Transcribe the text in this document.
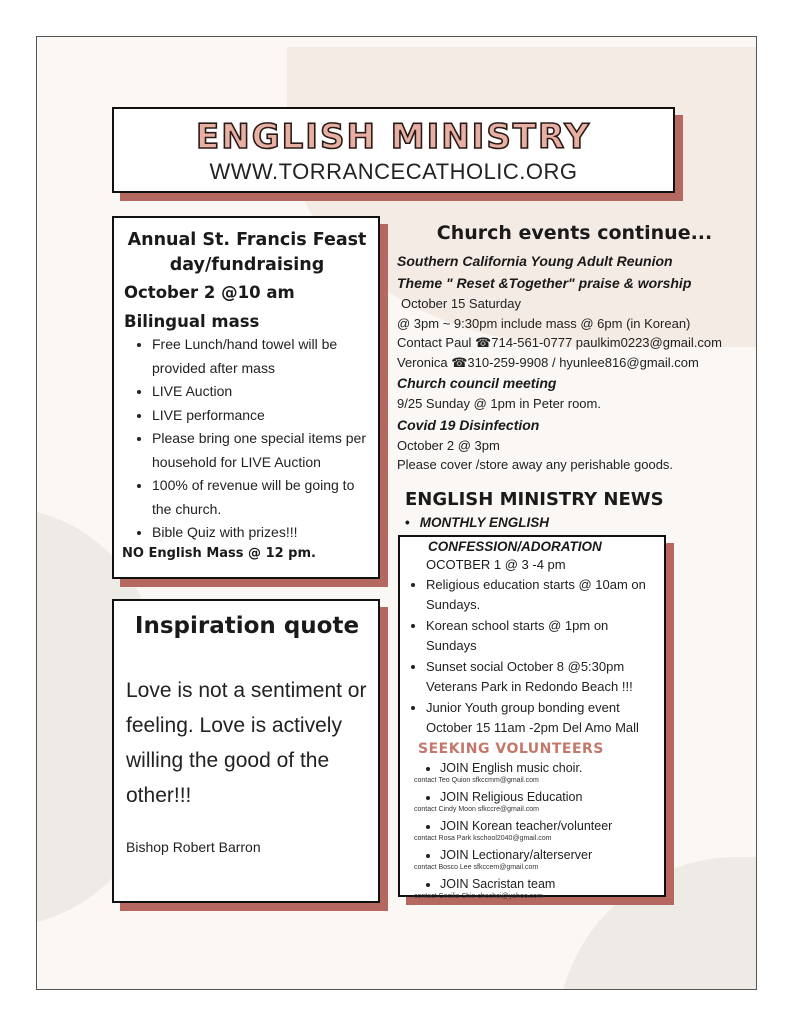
ENGLISH MINISTRY
WWW.TORRANCECATHOLIC.ORG

Annual St. Francis Feast day/fundraising

October 2 @10 am

Bilingual mass

• Free Lunch/hand towel will be provided after mass
• LIVE Auction
• LIVE performance
• Please bring one special items per household for LIVE Auction
• 100% of revenue will be going to the church.
• Bible Quiz with prizes!!!

NO English Mass @ 12 pm.

Inspiration quote

Love is not a sentiment or feeling. Love is actively willing the good of the other!!!

Bishop Robert Barron

Church events continue...

Southern California Young Adult Reunion

Theme " Reset &Together" praise & worship

October 15 Saturday

@ 3pm ~ 9:30pm include mass @ 6pm (in Korean)

Contact Paul ☎714-561-0777 paulkim0223@gmail.com

Veronica ☎310-259-9908 / hyunlee816@gmail.com

Church council meeting

9/25 Sunday @ 1pm in Peter room.

Covid 19 Disinfection

October 2 @ 3pm

Please cover /store away any perishable goods.

ENGLISH MINISTRY NEWS

• MONTHLY ENGLISH

CONFESSION/ADORATION

OCOTBER 1 @ 3 -4 pm

• Religious education starts @ 10am on Sundays.
• Korean school starts @ 1pm on Sundays
• Sunset social October 8 @5:30pm Veterans Park in Redondo Beach !!!
• Junior Youth group bonding event October 15 11am -2pm Del Amo Mall

SEEKING VOLUNTEERS

• JOIN English music choir.
contact Teo Quion sfkccmm@gmail.com
• JOIN Religious Education
contact Cindy Moon sfkccre@gmail.com
• JOIN Korean teacher/volunteer
contact Rosa Park kschool2040@gmail.com
• JOIN Lectionary/alterserver
contact Bosco Lee sfkccem@gmail.com
• JOIN Sacristan team
contact Cecilia Shin chechoi@yahoo.com
